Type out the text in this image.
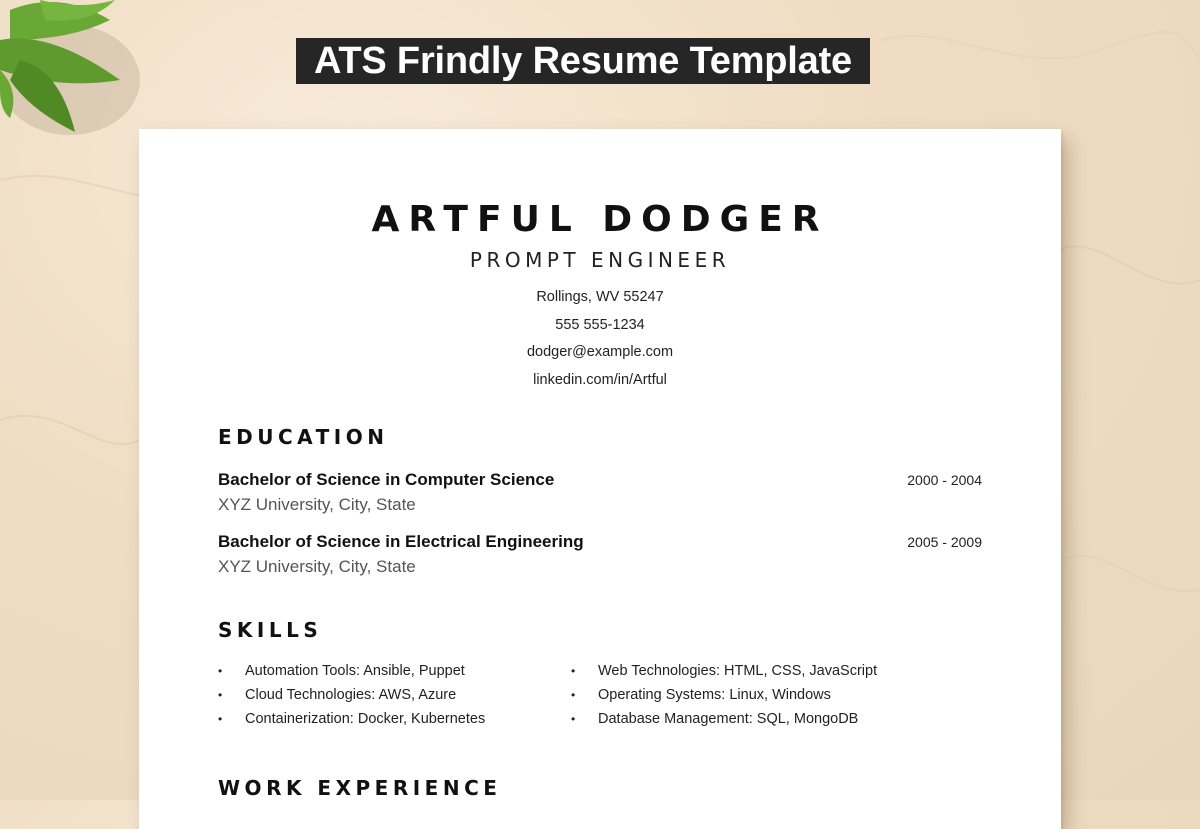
ATS Frindly Resume Template
ARTFUL DODGER
PROMPT ENGINEER
Rollings, WV 55247
555 555-1234
dodger@example.com
linkedin.com/in/Artful
EDUCATION
Bachelor of Science in Computer Science	2000 - 2004
XYZ University, City, State
Bachelor of Science in Electrical Engineering	2005 - 2009
XYZ University, City, State
SKILLS
• Automation Tools: Ansible, Puppet
• Cloud Technologies: AWS, Azure
• Containerization: Docker, Kubernetes
• Web Technologies: HTML, CSS, JavaScript
• Operating Systems: Linux, Windows
• Database Management: SQL, MongoDB
WORK EXPERIENCE
